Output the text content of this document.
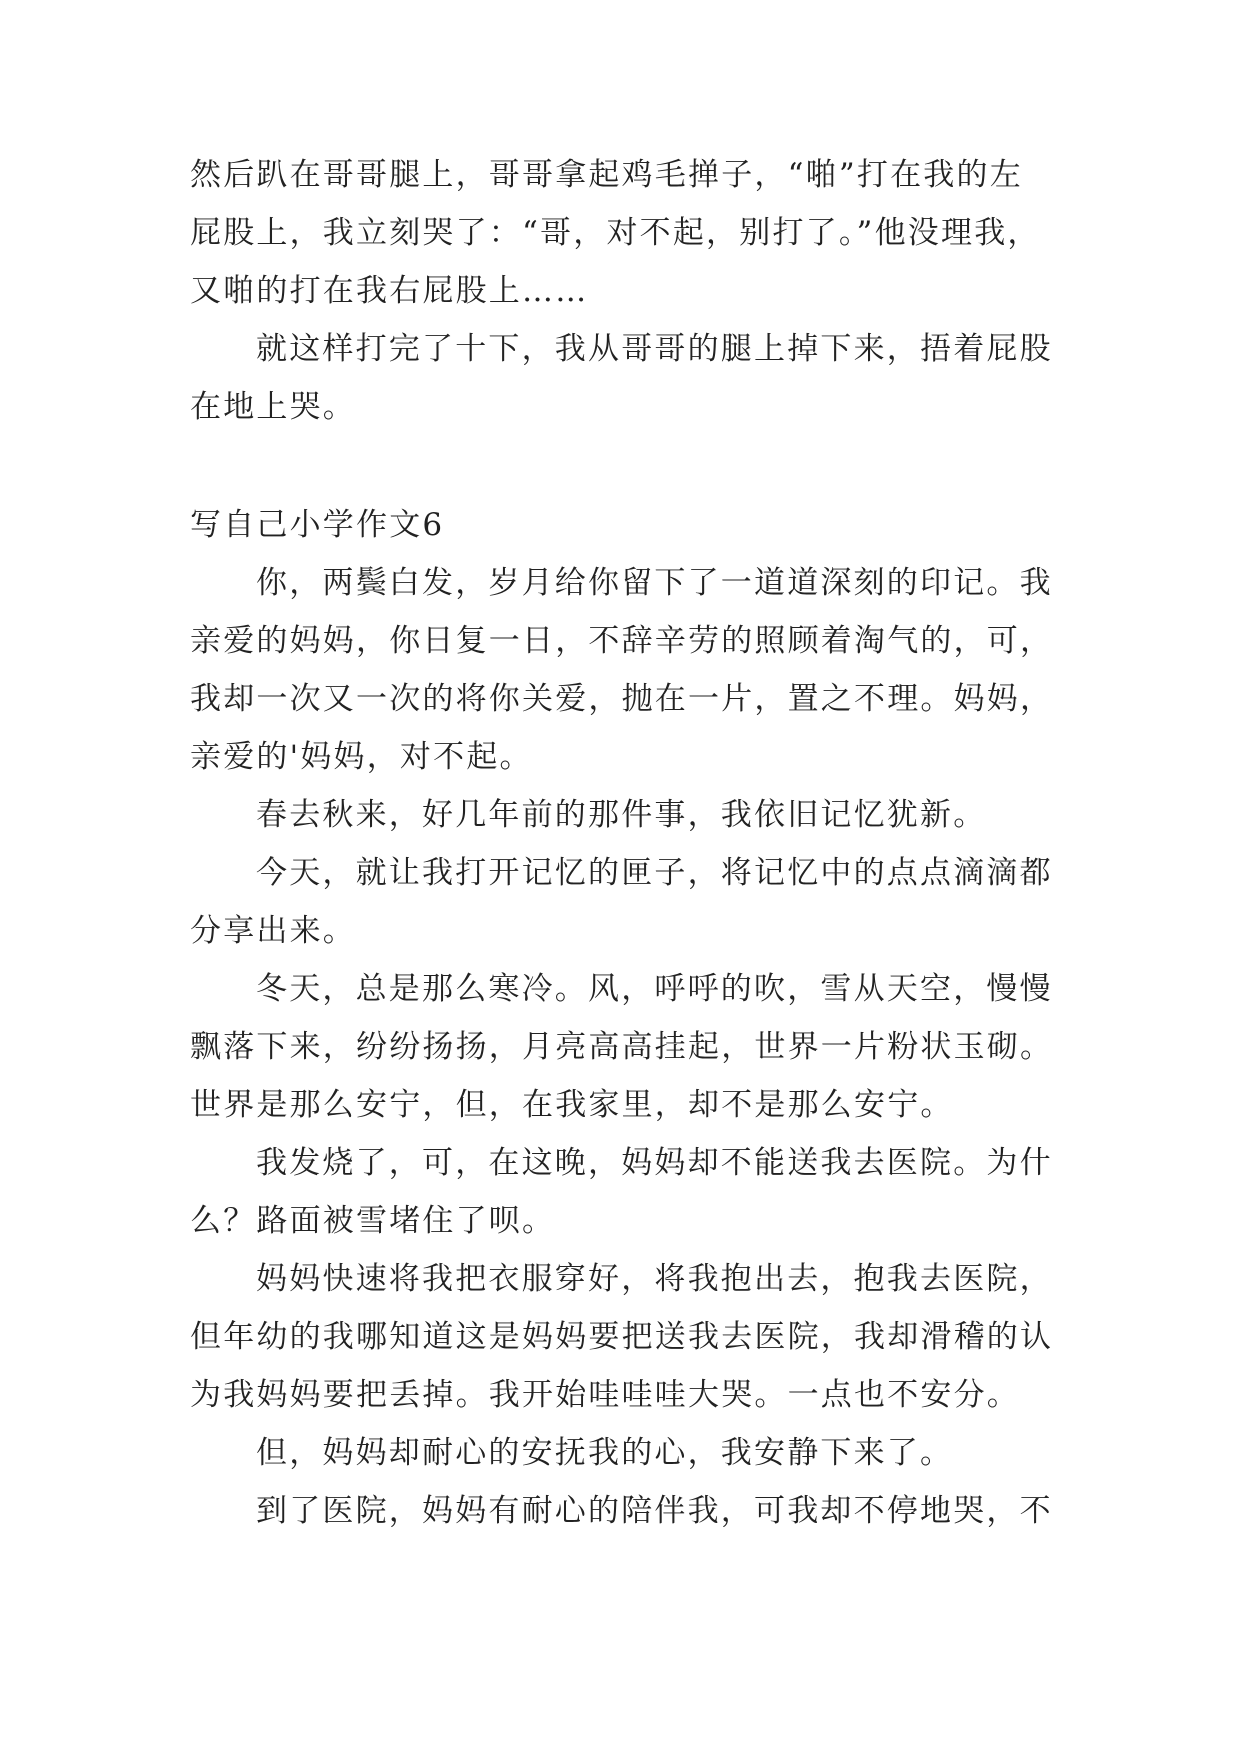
然后趴在哥哥腿上，哥哥拿起鸡毛掸子，“啪”打在我的左
屁股上，我立刻哭了：“哥，对不起，别打了。”他没理我，
又啪的打在我右屁股上……
就这样打完了十下，我从哥哥的腿上掉下来，捂着屁股
在地上哭。
写自己小学作文6
你，两鬓白发，岁月给你留下了一道道深刻的印记。我
亲爱的妈妈，你日复一日，不辞辛劳的照顾着淘气的，可，
我却一次又一次的将你关爱，抛在一片，置之不理。妈妈，
亲爱的'妈妈，对不起。
春去秋来，好几年前的那件事，我依旧记忆犹新。
今天，就让我打开记忆的匣子，将记忆中的点点滴滴都
分享出来。
冬天，总是那么寒冷。风，呼呼的吹，雪从天空，慢慢
飘落下来，纷纷扬扬，月亮高高挂起，世界一片粉状玉砌。
世界是那么安宁，但，在我家里，却不是那么安宁。
我发烧了，可，在这晚，妈妈却不能送我去医院。为什
么？路面被雪堵住了呗。
妈妈快速将我把衣服穿好，将我抱出去，抱我去医院，
但年幼的我哪知道这是妈妈要把送我去医院，我却滑稽的认
为我妈妈要把丢掉。我开始哇哇哇大哭。一点也不安分。
但，妈妈却耐心的安抚我的心，我安静下来了。
到了医院，妈妈有耐心的陪伴我，可我却不停地哭，不
